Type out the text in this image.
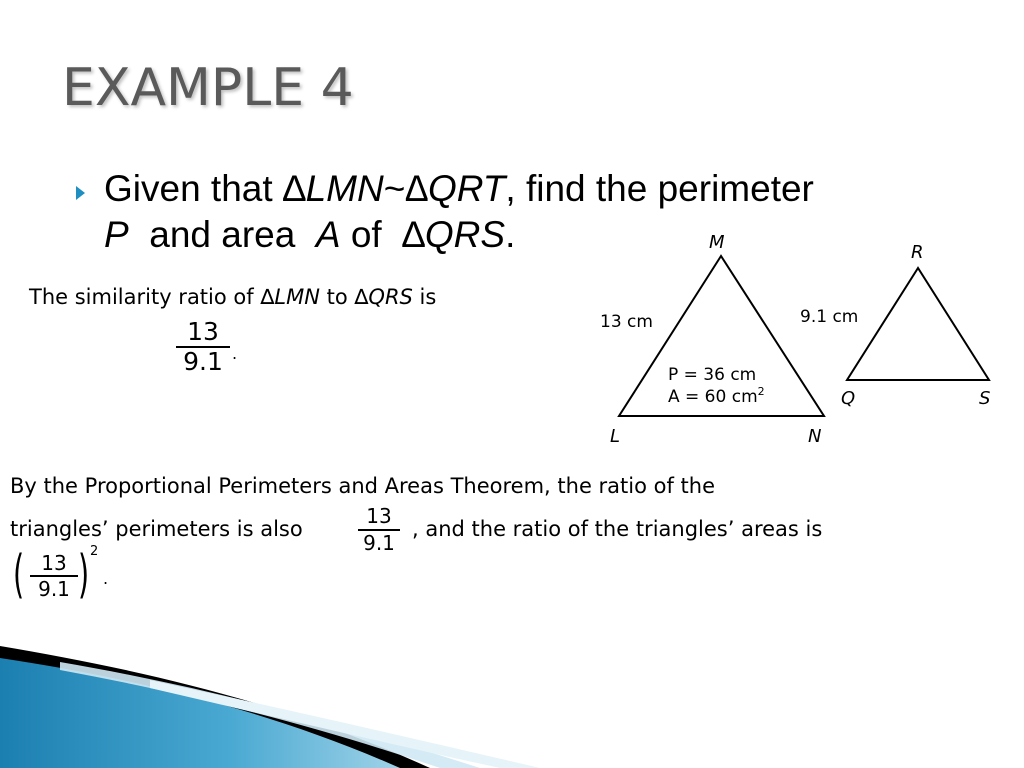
EXAMPLE 4
Given that ∆LMN~∆QRT, find the perimeter
P  and area  A of  ∆QRS.
The similarity ratio of ∆LMN to ∆QRS is
13
9.1 .
By the Proportional Perimeters and Areas Theorem, the ratio of the
triangles’ perimeters is also
13
9.1
, and the ratio of the triangles’ areas is
( 13
9.1 ) 2
.
M
L	N
13 cm
P = 36 cm
A = 60 $cm^2$
R
Q	S
9.1 cm
